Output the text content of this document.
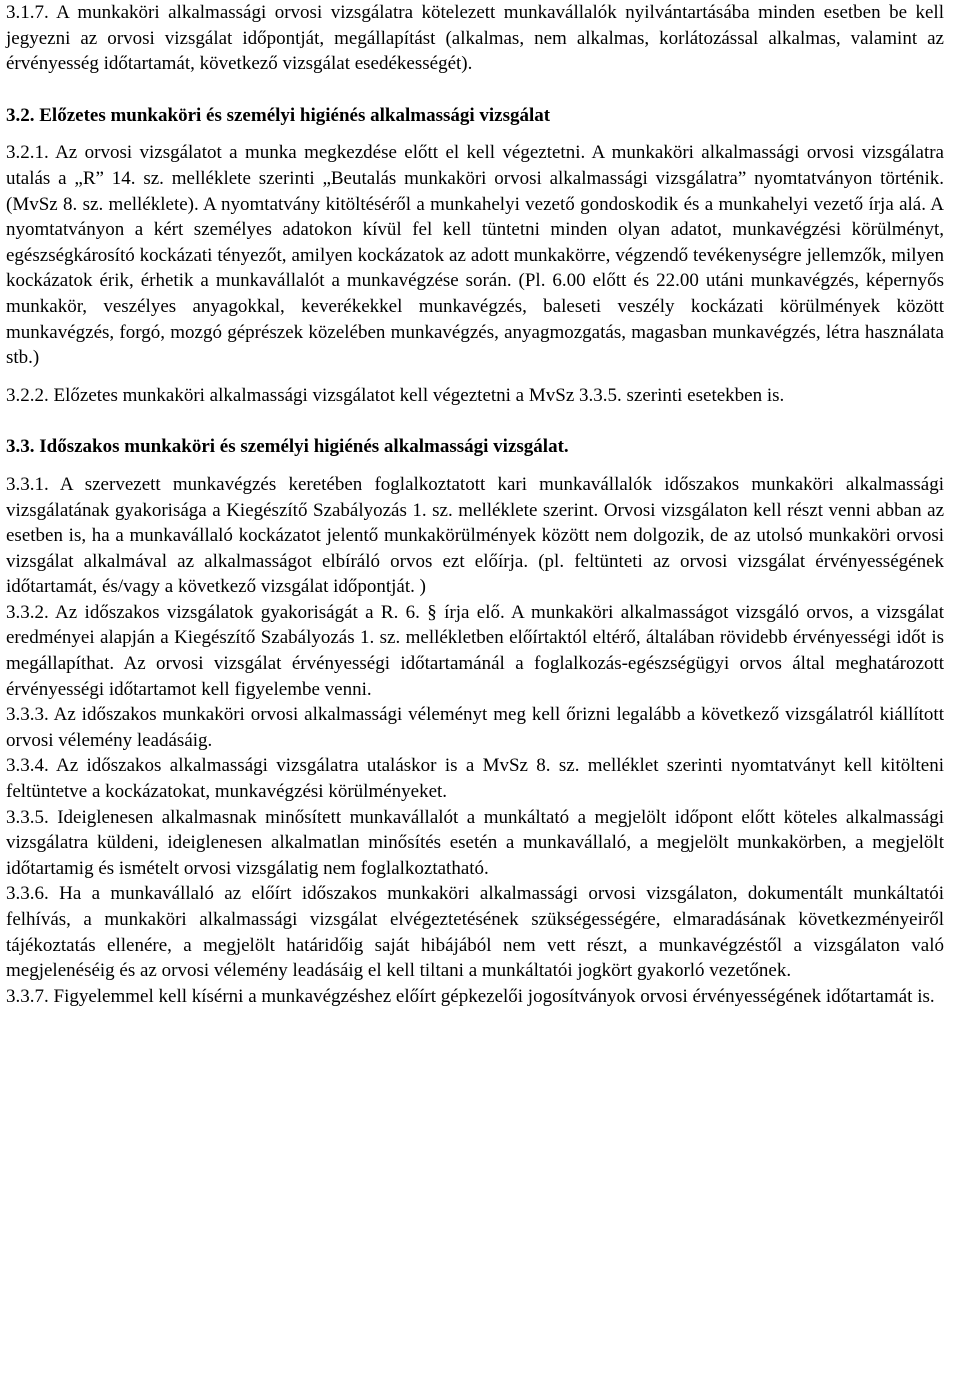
3.1.7. A munkaköri alkalmassági orvosi vizsgálatra kötelezett munkavállalók nyilvántartásába minden esetben be kell jegyezni az orvosi vizsgálat időpontját, megállapítást (alkalmas, nem alkalmas, korlátozással alkalmas, valamint az érvényesség időtartamát, következő vizsgálat esedékességét).

3.2. Előzetes munkaköri és személyi higiénés alkalmassági vizsgálat

3.2.1. Az orvosi vizsgálatot a munka megkezdése előtt el kell végeztetni. A munkaköri alkalmassági orvosi vizsgálatra utalás a „R” 14. sz. melléklete szerinti „Beutalás munkaköri orvosi alkalmassági vizsgálatra” nyomtatványon történik. (MvSz 8. sz. melléklete). A nyomtatvány kitöltéséről a munkahelyi vezető gondoskodik és a munkahelyi vezető írja alá. A nyomtatványon a kért személyes adatokon kívül fel kell tüntetni minden olyan adatot, munkavégzési körülményt, egészségkárosító kockázati tényezőt, amilyen kockázatok az adott munkakörre, végzendő tevékenységre jellemzők, milyen kockázatok érik, érhetik a munkavállalót a munkavégzése során. (Pl. 6.00 előtt és 22.00 utáni munkavégzés, képernyős munkakör, veszélyes anyagokkal, keverékekkel munkavégzés, baleseti veszély kockázati körülmények között munkavégzés, forgó, mozgó géprészek közelében munkavégzés, anyagmozgatás, magasban munkavégzés, létra használata stb.)

3.2.2. Előzetes munkaköri alkalmassági vizsgálatot kell végeztetni a MvSz 3.3.5. szerinti esetekben is.

3.3. Időszakos munkaköri és személyi higiénés alkalmassági vizsgálat.

3.3.1. A szervezett munkavégzés keretében foglalkoztatott kari munkavállalók időszakos munkaköri alkalmassági vizsgálatának gyakorisága a Kiegészítő Szabályozás 1. sz. melléklete szerint. Orvosi vizsgálaton kell részt venni abban az esetben is, ha a munkavállaló kockázatot jelentő munkakörülmények között nem dolgozik, de az utolsó munkaköri orvosi vizsgálat alkalmával az alkalmasságot elbíráló orvos ezt előírja. (pl. feltünteti az orvosi vizsgálat érvényességének időtartamát, és/vagy a következő vizsgálat időpontját. )

3.3.2. Az időszakos vizsgálatok gyakoriságát a R. 6. § írja elő. A munkaköri alkalmasságot vizsgáló orvos, a vizsgálat eredményei alapján a Kiegészítő Szabályozás 1. sz. mellékletben előírtaktól eltérő, általában rövidebb érvényességi időt is megállapíthat. Az orvosi vizsgálat érvényességi időtartamánál a foglalkozás-egészségügyi orvos által meghatározott érvényességi időtartamot kell figyelembe venni.

3.3.3. Az időszakos munkaköri orvosi alkalmassági véleményt meg kell őrizni legalább a következő vizsgálatról kiállított orvosi vélemény leadásáig.

3.3.4. Az időszakos alkalmassági vizsgálatra utaláskor is a MvSz 8. sz. melléklet szerinti nyomtatványt kell kitölteni feltüntetve a kockázatokat, munkavégzési körülményeket.

3.3.5. Ideiglenesen alkalmasnak minősített munkavállalót a munkáltató a megjelölt időpont előtt köteles alkalmassági vizsgálatra küldeni, ideiglenesen alkalmatlan minősítés esetén a munkavállaló, a megjelölt munkakörben, a megjelölt időtartamig és ismételt orvosi vizsgálatig nem foglalkoztatható.

3.3.6. Ha a munkavállaló az előírt időszakos munkaköri alkalmassági orvosi vizsgálaton, dokumentált munkáltatói felhívás, a munkaköri alkalmassági vizsgálat elvégeztetésének szükségességére, elmaradásának következményeiről tájékoztatás ellenére, a megjelölt határidőig saját hibájából nem vett részt, a munkavégzéstől a vizsgálaton való megjelenéséig és az orvosi vélemény leadásáig el kell tiltani a munkáltatói jogkört gyakorló vezetőnek.

3.3.7. Figyelemmel kell kísérni a munkavégzéshez előírt gépkezelői jogosítványok orvosi érvényességének időtartamát is.
